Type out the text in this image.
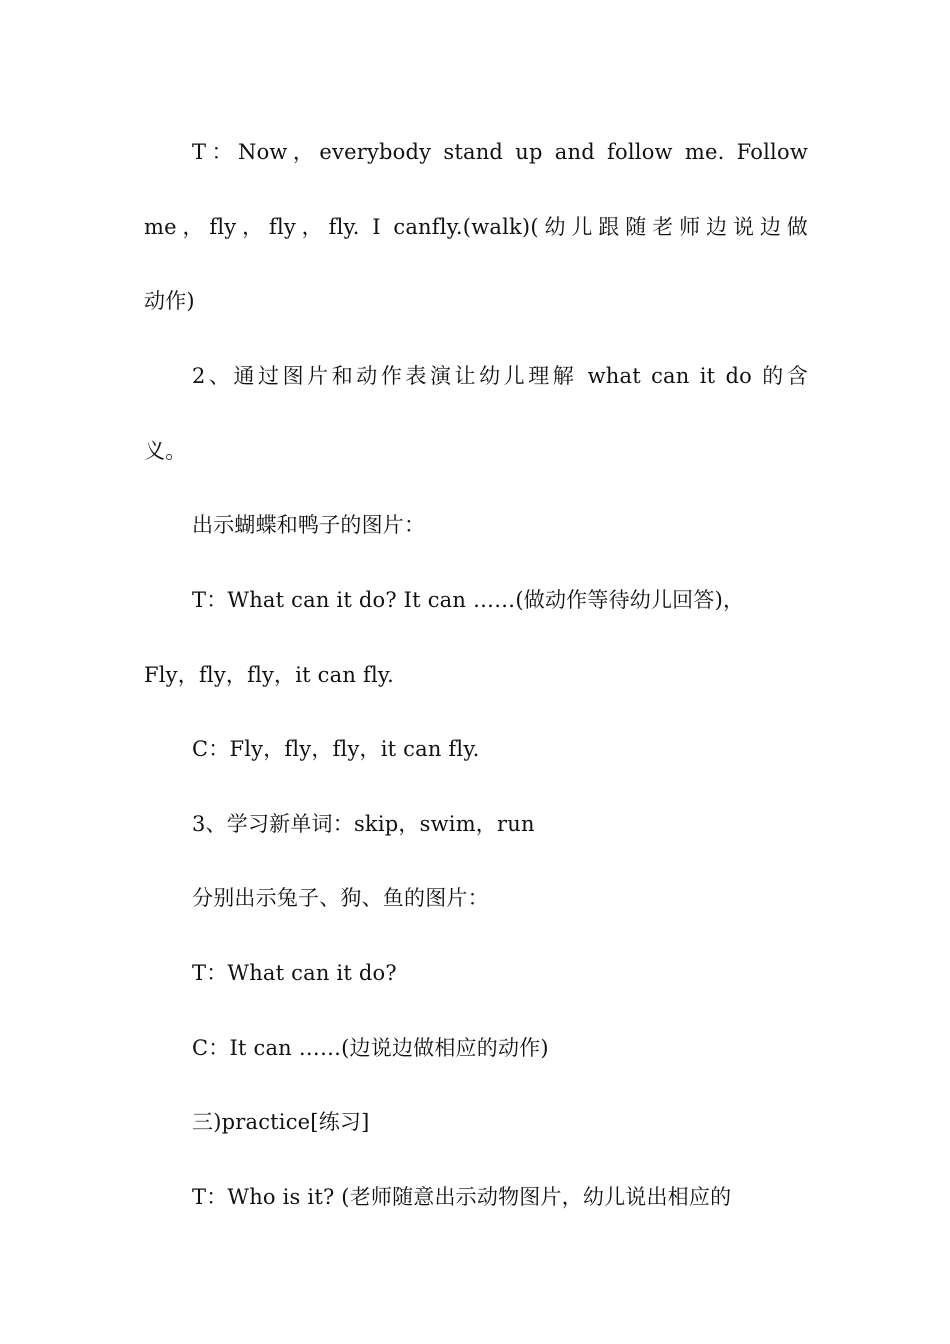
T：Now，everybody stand up and follow me. Follow
me，fly，fly，fly. I canfly.(walk)(幼儿跟随老师边说边做
动作)
2、通过图片和动作表演让幼儿理解 what can it do 的含
义。
出示蝴蝶和鸭子的图片：
T：What can it do? It can ……(做动作等待幼儿回答)，
Fly，fly，fly，it can fly.
C：Fly，fly，fly，it can fly.
3、学习新单词：skip，swim，run
分别出示兔子、狗、鱼的图片：
T：What can it do?
C：It can ……(边说边做相应的动作)
三)practice[练习]
T：Who is it? (老师随意出示动物图片，幼儿说出相应的
